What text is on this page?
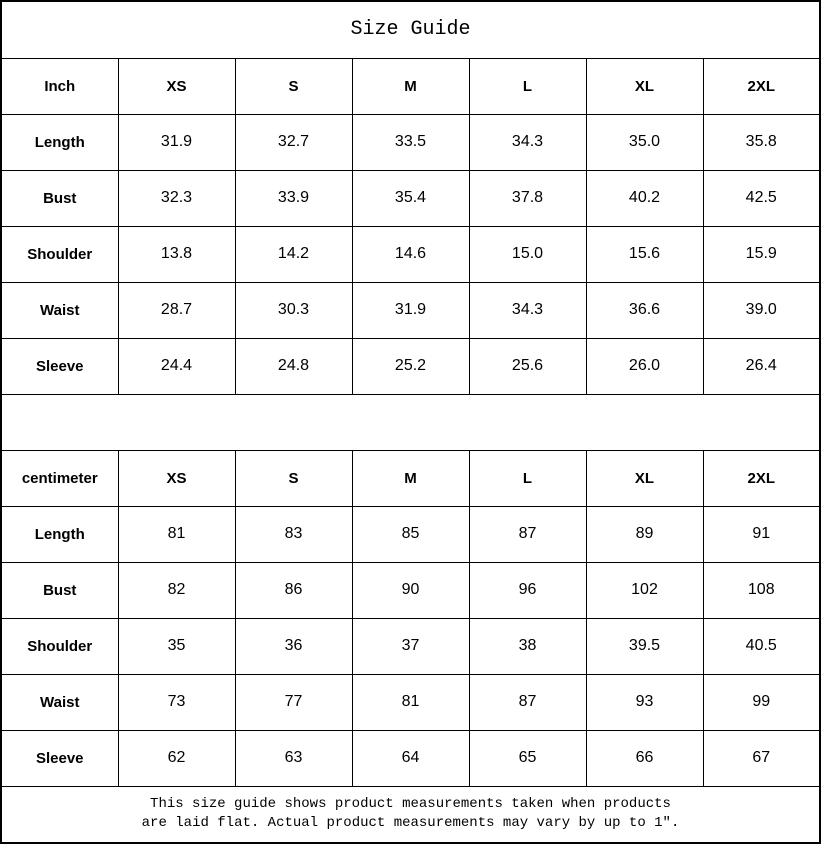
Size Guide						
Inch	XS	S	M	L	XL	2XL
Length	31.9	32.7	33.5	34.3	35.0	35.8
Bust	32.3	33.9	35.4	37.8	40.2	42.5
Shoulder	13.8	14.2	14.6	15.0	15.6	15.9
Waist	28.7	30.3	31.9	34.3	36.6	39.0
Sleeve	24.4	24.8	25.2	25.6	26.0	26.4

centimeter	XS	S	M	L	XL	2XL
Length	81	83	85	87	89	91
Bust	82	86	90	96	102	108
Shoulder	35	36	37	38	39.5	40.5
Waist	73	77	81	87	93	99
Sleeve	62	63	64	65	66	67

This size guide shows product measurements taken when products
are laid flat. Actual product measurements may vary by up to 1″.						
